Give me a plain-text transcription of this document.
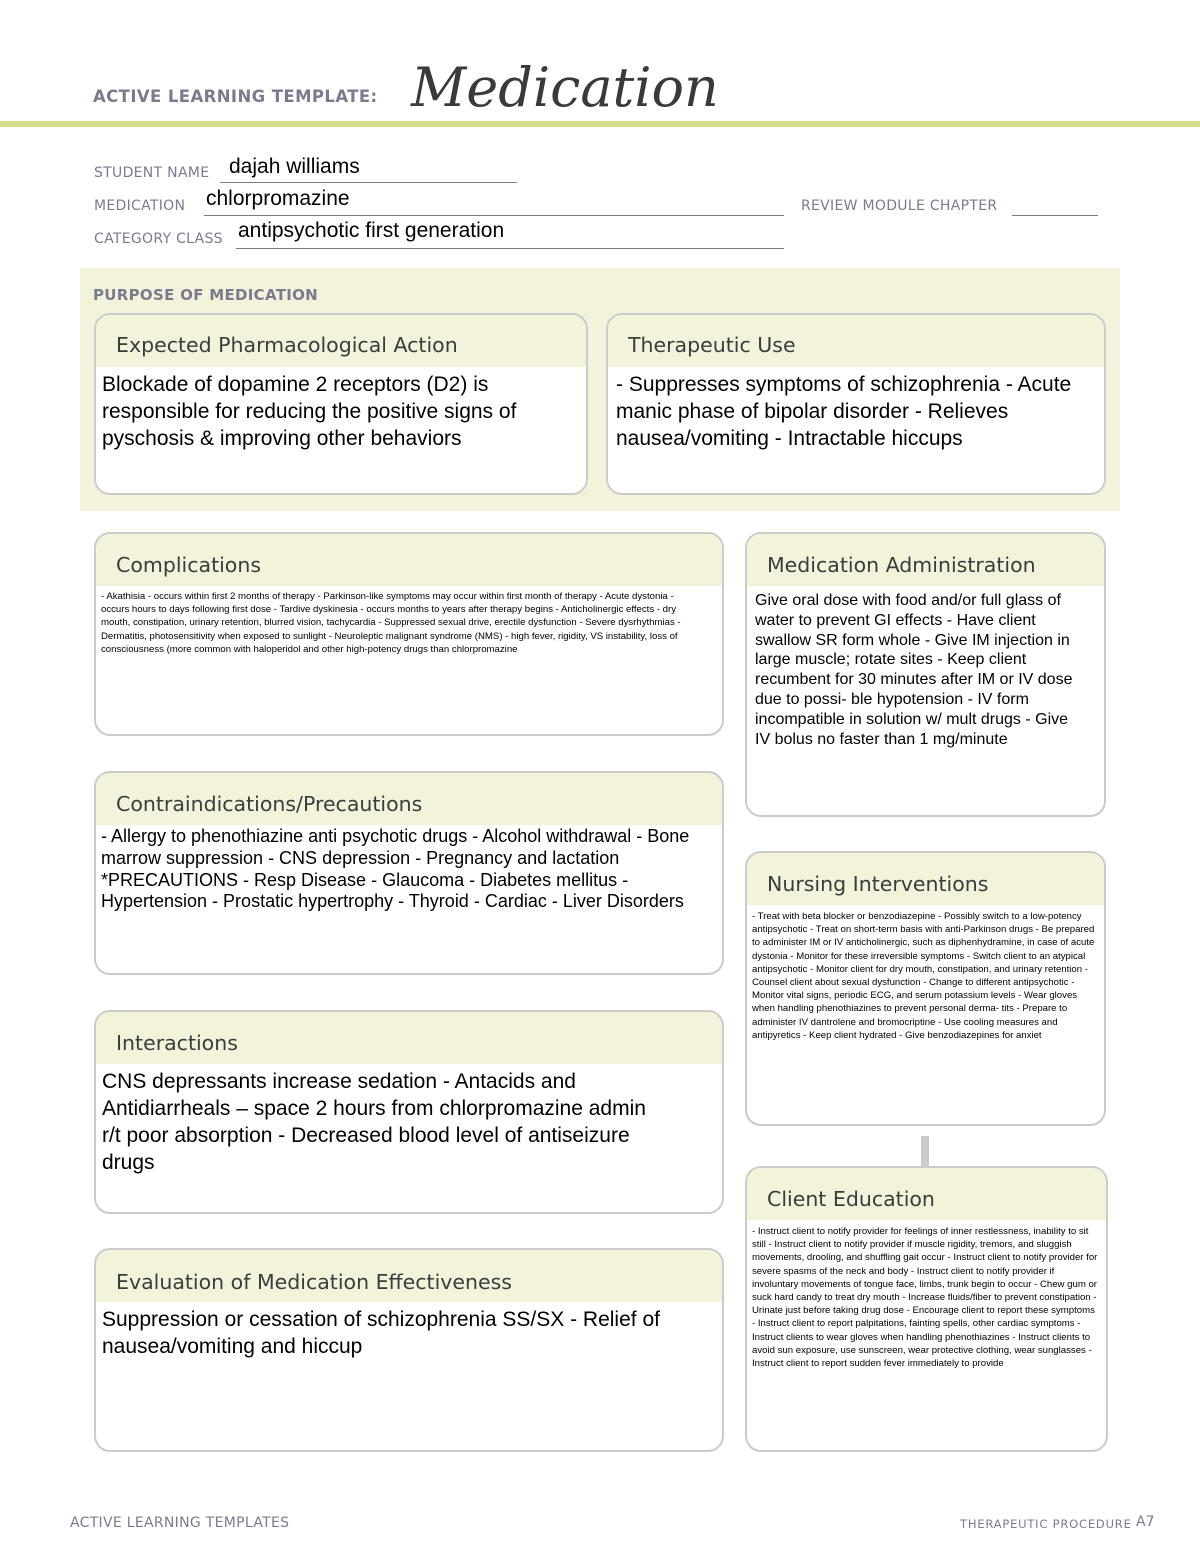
ACTIVE LEARNING TEMPLATE: Medication
STUDENT NAME dajah williams
MEDICATION chlorpromazine	REVIEW MODULE CHAPTER
CATEGORY CLASS antipsychotic first generation
PURPOSE OF MEDICATION
Expected Pharmacological Action
Blockade of dopamine 2 receptors (D2) is responsible for reducing the positive signs of pyschosis & improving other behaviors
Therapeutic Use
- Suppresses symptoms of schizophrenia - Acute manic phase of bipolar disorder - Relieves nausea/vomiting - Intractable hiccups
Complications
- Akathisia - occurs within first 2 months of therapy - Parkinson-like symptoms may occur within first month of therapy - Acute dystonia - occurs hours to days following first dose - Tardive dyskinesia - occurs months to years after therapy begins - Anticholinergic effects - dry mouth, constipation, urinary retention, blurred vision, tachycardia - Suppressed sexual drive, erectile dysfunction - Severe dysrhythmias - Dermatitis, photosensitivity when exposed to sunlight - Neuroleptic malignant syndrome (NMS) - high fever, rigidity, VS instability, loss of consciousness (more common with haloperidol and other high-potency drugs than chlorpromazine
Medication Administration
Give oral dose with food and/or full glass of water to prevent GI effects - Have client swallow SR form whole - Give IM injection in large muscle; rotate sites - Keep client recumbent for 30 minutes after IM or IV dose due to possi- ble hypotension - IV form incompatible in solution w/ mult drugs - Give IV bolus no faster than 1 mg/minute
Contraindications/Precautions
- Allergy to phenothiazine anti psychotic drugs - Alcohol withdrawal - Bone marrow suppression - CNS depression - Pregnancy and lactation *PRECAUTIONS - Resp Disease - Glaucoma - Diabetes mellitus - Hypertension - Prostatic hypertrophy - Thyroid - Cardiac - Liver Disorders
Nursing Interventions
- Treat with beta blocker or benzodiazepine - Possibly switch to a low-potency antipsychotic - Treat on short-term basis with anti-Parkinson drugs - Be prepared to administer IM or IV anticholinergic, such as diphenhydramine, in case of acute dystonia - Monitor for these irreversible symptoms - Switch client to an atypical antipsychotic - Monitor client for dry mouth, constipation, and urinary retention - Counsel client about sexual dysfunction - Change to different antipsychotic - Monitor vital signs, periodic ECG, and serum potassium levels - Wear gloves when handling phenothiazines to prevent personal derma- tits - Prepare to administer IV dantrolene and bromocriptine - Use cooling measures and antipyretics - Keep client hydrated - Give benzodiazepines for anxiet
Interactions
CNS depressants increase sedation - Antacids and Antidiarrheals – space 2 hours from chlorpromazine admin r/t poor absorption - Decreased blood level of antiseizure drugs
Client Education
- Instruct client to notify provider for feelings of inner restlessness, inability to sit still - Instruct client to notify provider if muscle rigidity, tremors, and sluggish movements, drooling, and shuffling gait occur - Instruct client to notify provider for severe spasms of the neck and body - Instruct client to notify provider if involuntary movements of tongue face, limbs, trunk begin to occur - Chew gum or suck hard candy to treat dry mouth - Increase fluids/fiber to prevent constipation - Urinate just before taking drug dose - Encourage client to report these symptoms - Instruct client to report palpitations, fainting spells, other cardiac symptoms - Instruct clients to wear gloves when handling phenothiazines - Instruct clients to avoid sun exposure, use sunscreen, wear protective clothing, wear sunglasses - Instruct client to report sudden fever immediately to provide
Evaluation of Medication Effectiveness
Suppression or cessation of schizophrenia SS/SX - Relief of nausea/vomiting and hiccup
ACTIVE LEARNING TEMPLATES	THERAPEUTIC PROCEDURE A7
